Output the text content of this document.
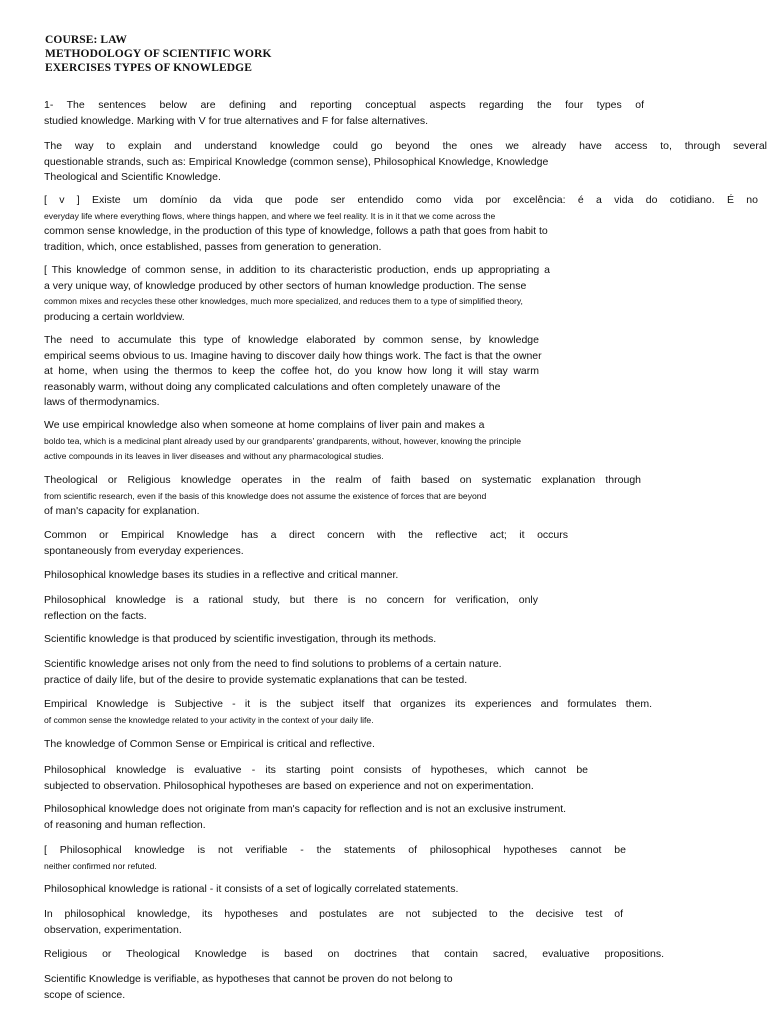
COURSE: LAW
METHODOLOGY OF SCIENTIFIC WORK
EXERCISES TYPES OF KNOWLEDGE
1- The sentences below are defining and reporting conceptual aspects regarding the four types of
studied knowledge. Marking with V for true alternatives and F for false alternatives.
The way to explain and understand knowledge could go beyond the ones we already have access to, through several
questionable strands, such as: Empirical Knowledge (common sense), Philosophical Knowledge, Knowledge
Theological and Scientific Knowledge.
[ v ] Existe um domínio da vida que pode ser entendido como vida por excelência: é a vida do cotidiano. É no
everyday life where everything flows, where things happen, and where we feel reality. It is in it that we come across the
common sense knowledge, in the production of this type of knowledge, follows a path that goes from habit to
tradition, which, once established, passes from generation to generation.
[ This knowledge of common sense, in addition to its characteristic production, ends up appropriating a
a very unique way, of knowledge produced by other sectors of human knowledge production. The sense
common mixes and recycles these other knowledges, much more specialized, and reduces them to a type of simplified theory,
producing a certain worldview.
The need to accumulate this type of knowledge elaborated by common sense, by knowledge
empirical seems obvious to us. Imagine having to discover daily how things work. The fact is that the owner
at home, when using the thermos to keep the coffee hot, do you know how long it will stay warm
reasonably warm, without doing any complicated calculations and often completely unaware of the
laws of thermodynamics.
We use empirical knowledge also when someone at home complains of liver pain and makes a
boldo tea, which is a medicinal plant already used by our grandparents' grandparents, without, however, knowing the principle
active compounds in its leaves in liver diseases and without any pharmacological studies.
Theological or Religious knowledge operates in the realm of faith based on systematic explanation through
from scientific research, even if the basis of this knowledge does not assume the existence of forces that are beyond
of man's capacity for explanation.
Common or Empirical Knowledge has a direct concern with the reflective act; it occurs
spontaneously from everyday experiences.
Philosophical knowledge bases its studies in a reflective and critical manner.
Philosophical knowledge is a rational study, but there is no concern for verification, only
reflection on the facts.
Scientific knowledge is that produced by scientific investigation, through its methods.
Scientific knowledge arises not only from the need to find solutions to problems of a certain nature.
practice of daily life, but of the desire to provide systematic explanations that can be tested.
Empirical Knowledge is Subjective - it is the subject itself that organizes its experiences and formulates them.
of common sense the knowledge related to your activity in the context of your daily life.
The knowledge of Common Sense or Empirical is critical and reflective.
Philosophical knowledge is evaluative - its starting point consists of hypotheses, which cannot be
subjected to observation. Philosophical hypotheses are based on experience and not on experimentation.
Philosophical knowledge does not originate from man's capacity for reflection and is not an exclusive instrument.
of reasoning and human reflection.
[ Philosophical knowledge is not verifiable - the statements of philosophical hypotheses cannot be
neither confirmed nor refuted.
Philosophical knowledge is rational - it consists of a set of logically correlated statements.
In philosophical knowledge, its hypotheses and postulates are not subjected to the decisive test of
observation, experimentation.
Religious or Theological Knowledge is based on doctrines that contain sacred, evaluative propositions.
Scientific Knowledge is verifiable, as hypotheses that cannot be proven do not belong to
scope of science.
